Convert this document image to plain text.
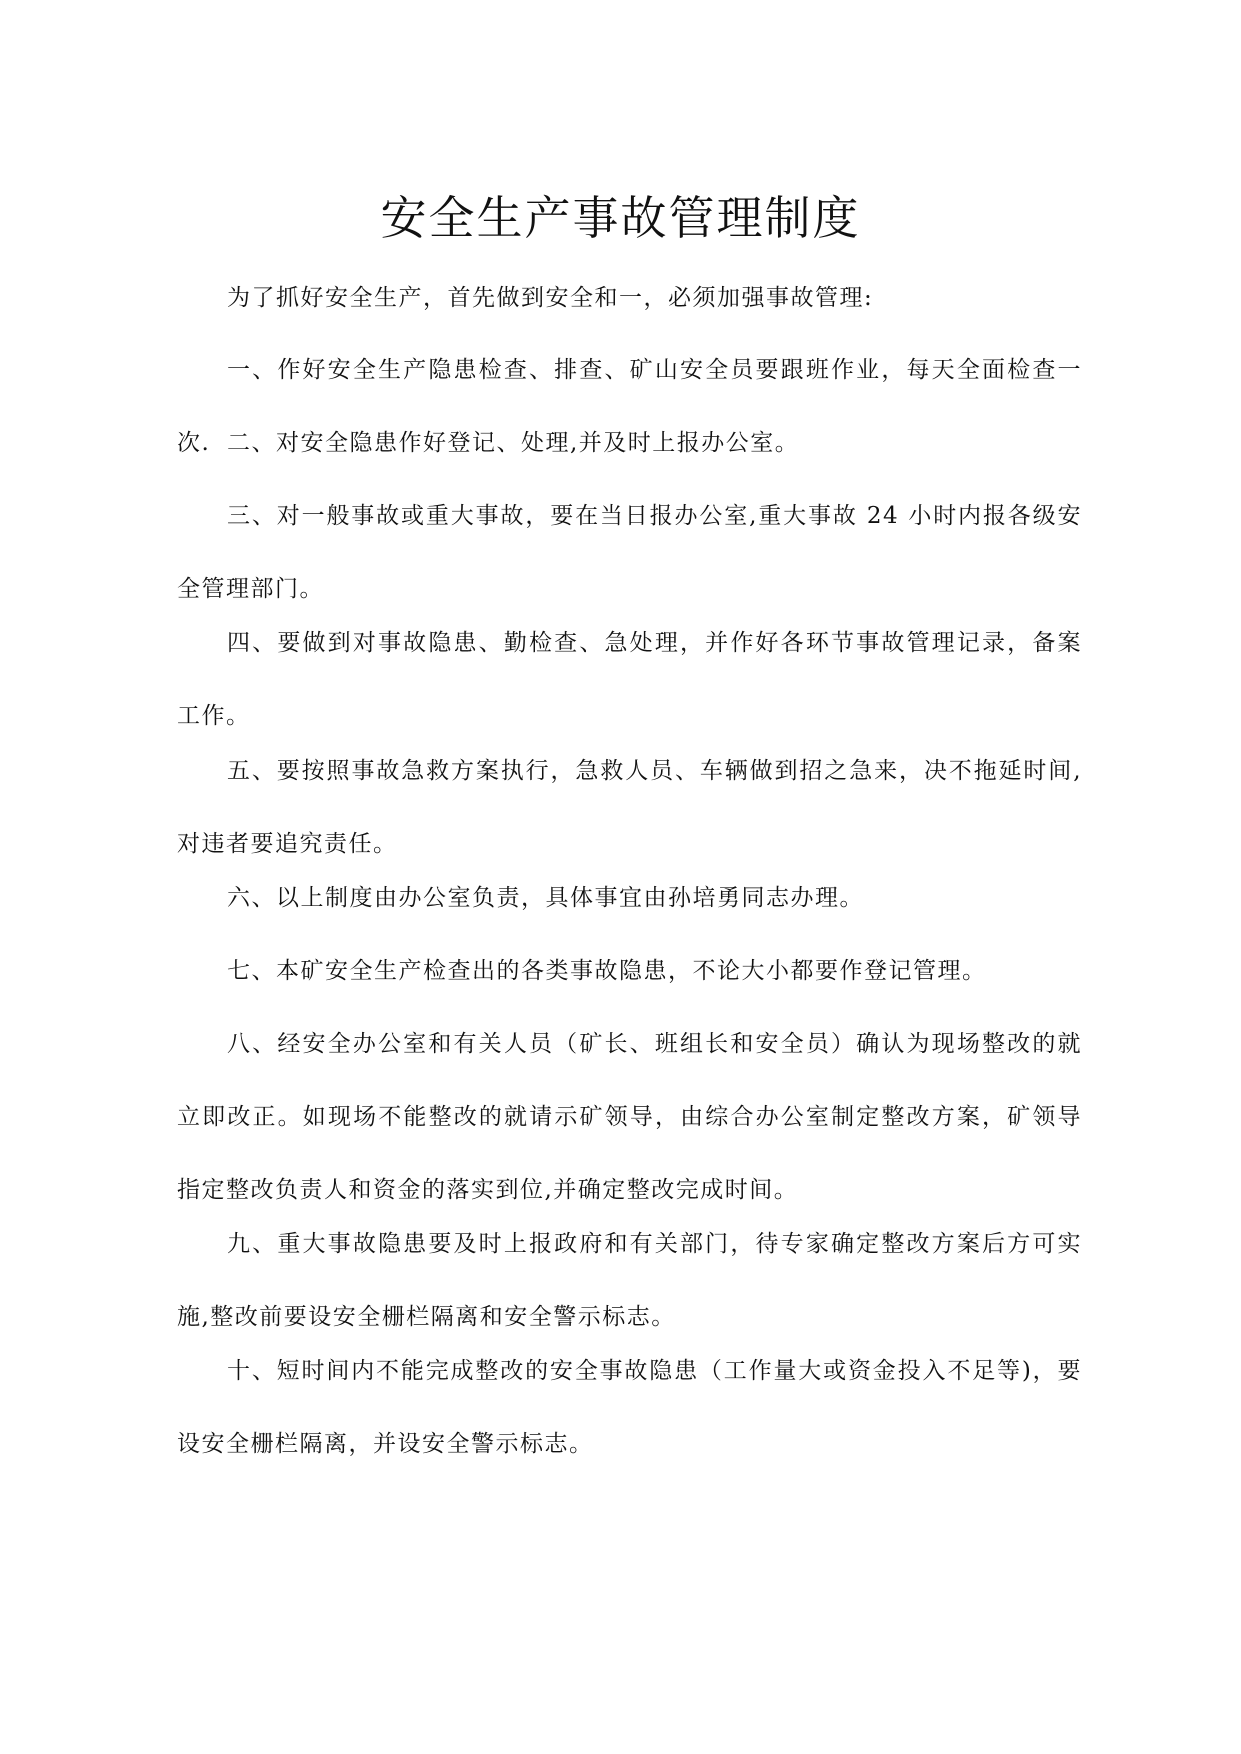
安全生产事故管理制度

为了抓好安全生产，首先做到安全和一，必须加强事故管理:

一、作好安全生产隐患检查、排查、矿山安全员要跟班作业，每天全面检查一次. 二、对安全隐患作好登记、处理,并及时上报办公室。

三、对一般事故或重大事故，要在当日报办公室,重大事故 24 小时内报各级安全管理部门。

四、要做到对事故隐患、勤检查、急处理，并作好各环节事故管理记录，备案工作。

五、要按照事故急救方案执行，急救人员、车辆做到招之急来，决不拖延时间,对违者要追究责任。

六、以上制度由办公室负责，具体事宜由孙培勇同志办理。

七、本矿安全生产检查出的各类事故隐患，不论大小都要作登记管理。

八、经安全办公室和有关人员（矿长、班组长和安全员）确认为现场整改的就立即改正。如现场不能整改的就请示矿领导，由综合办公室制定整改方案，矿领导指定整改负责人和资金的落实到位,并确定整改完成时间。

九、重大事故隐患要及时上报政府和有关部门，待专家确定整改方案后方可实施,整改前要设安全栅栏隔离和安全警示标志。

十、短时间内不能完成整改的安全事故隐患（工作量大或资金投入不足等)，要设安全栅栏隔离，并设安全警示标志。
